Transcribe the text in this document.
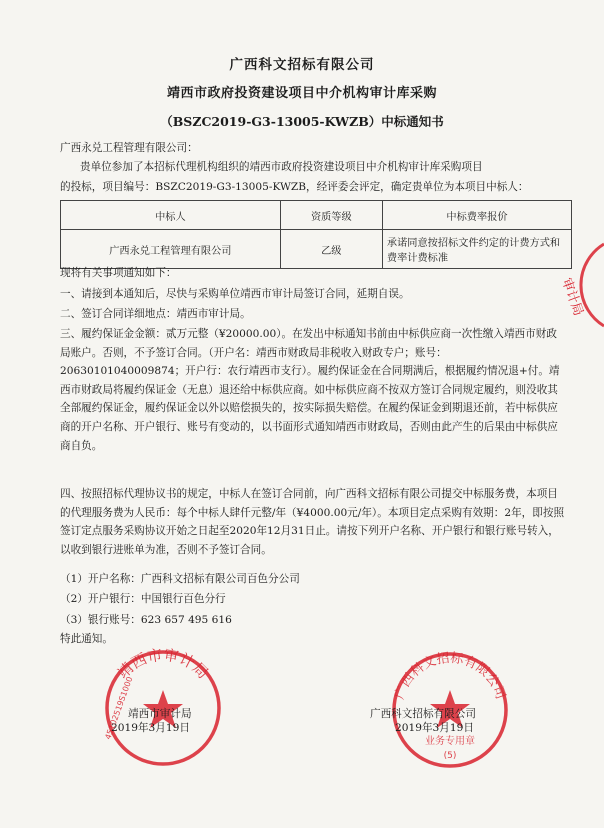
广西科文招标有限公司
靖西市政府投资建设项目中介机构审计库采购
（BSZC2019-G3-13005-KWZB）中标通知书
广西永兑工程管理有限公司：
贵单位参加了本招标代理机构组织的靖西市政府投资建设项目中介机构审计库采购项目
的投标，项目编号：BSZC2019-G3-13005-KWZB，经评委会评定，确定贵单位为本项目中标人：
中标人	资质等级	中标费率报价
广西永兑工程管理有限公司	乙级	承诺同意按招标文件约定的计费方式和费率计费标准
现将有关事项通知如下：
一、请接到本通知后，尽快与采购单位靖西市审计局签订合同，延期自误。
二、签订合同详细地点：靖西市审计局。
三、履约保证金金额：贰万元整（¥20000.00）。在发出中标通知书前由中标供应商一次性缴入靖西市财政局账户。否则，不予签订合同。（开户名：靖西市财政局非税收入财政专户；账号：20630101040009874；开户行：农行靖西市支行）。履约保证金在合同期满后，根据履约情况退+付。靖西市财政局将履约保证金（无息）退还给中标供应商。如中标供应商不按双方签订合同规定履约，则没收其全部履约保证金，履约保证金以外以赔偿损失的，按实际损失赔偿。在履约保证金到期退还前，若中标供应商的开户名称、开户银行、账号有变动的，以书面形式通知靖西市财政局，否则由此产生的后果由中标供应商自负。
四、按照招标代理协议书的规定，中标人在签订合同前，向广西科文招标有限公司提交中标服务费，本项目的代理服务费为人民币：每个中标人肆仟元整/年（¥4000.00元/年）。本项目定点采购有效期：2年，即按照签订定点服务采购协议开始之日起至2020年12月31日止。请按下列开户名称、开户银行和银行账号转入，以收到银行进账单为准，否则不予签订合同。
（1）开户名称：广西科文招标有限公司百色分公司
（2）开户银行：中国银行百色分行
（3）银行账号：623 657 495 616
特此通知。
审计局
靖西市审计局
45102519S1000	广西科文招标有限公司
业务专用章
(5)
靖西市审计局
2019年3月19日
广西科文招标有限公司
2019年3月19日
